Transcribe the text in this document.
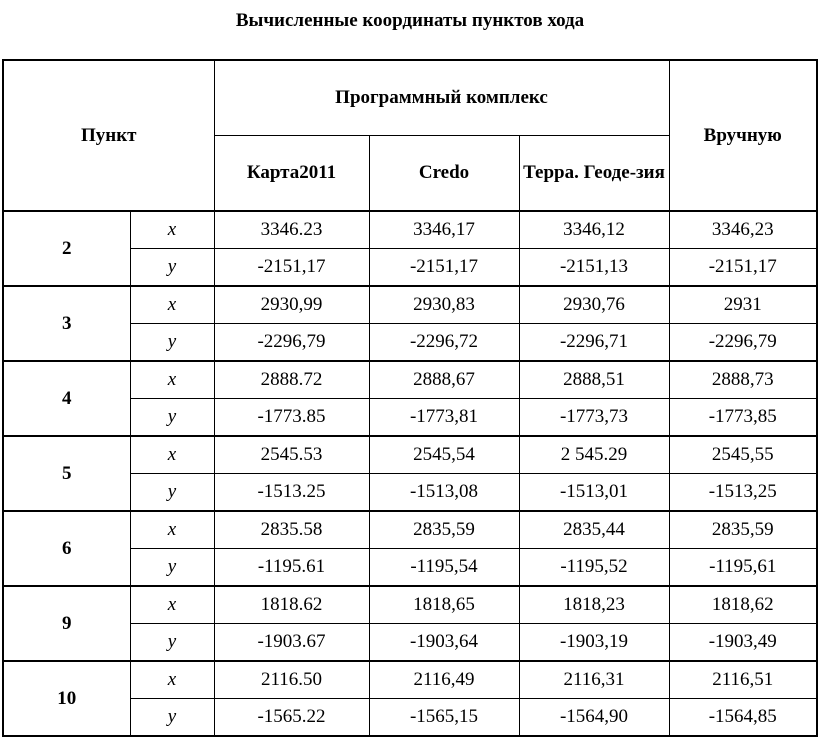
Вычисленные координаты пунктов хода
Пункт		Программный комплекс			Вручную
		Карта2011	Credo	Терра. Геоде-зия	
2	x	3346.23	3346,17	3346,12	3346,23
	y	-2151,17	-2151,17	-2151,13	-2151,17
3	x	2930,99	2930,83	2930,76	2931
	y	-2296,79	-2296,72	-2296,71	-2296,79
4	x	2888.72	2888,67	2888,51	2888,73
	y	-1773.85	-1773,81	-1773,73	-1773,85
5	x	2545.53	2545,54	2 545.29	2545,55
	y	-1513.25	-1513,08	-1513,01	-1513,25
6	x	2835.58	2835,59	2835,44	2835,59
	y	-1195.61	-1195,54	-1195,52	-1195,61
9	x	1818.62	1818,65	1818,23	1818,62
	y	-1903.67	-1903,64	-1903,19	-1903,49
10	x	2116.50	2116,49	2116,31	2116,51
	y	-1565.22	-1565,15	-1564,90	-1564,85
